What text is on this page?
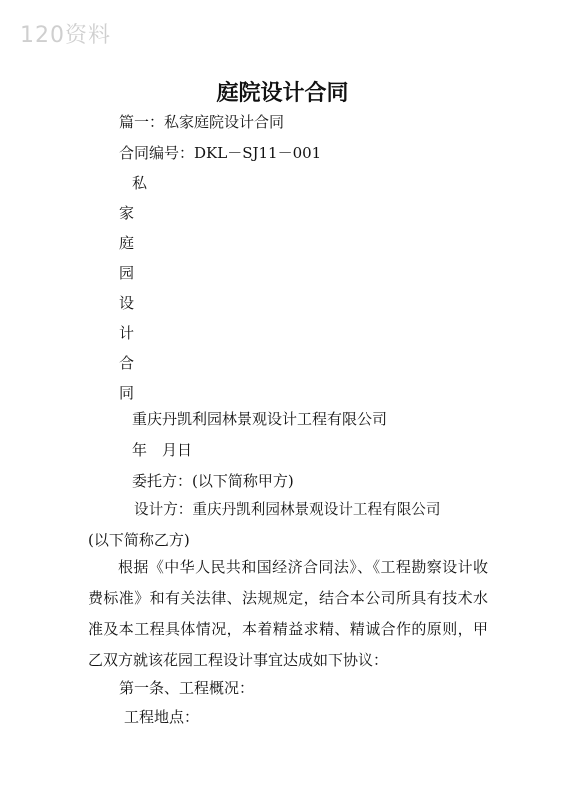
120资料
庭院设计合同
篇一：私家庭院设计合同
合同编号：DKL－SJ11－001
私
家
庭
园
设
计
合
同
重庆丹凯利园林景观设计工程有限公司
年　月日
委托方：(以下简称甲方)
设计方：重庆丹凯利园林景观设计工程有限公司
(以下简称乙方)
根据《中华人民共和国经济合同法》、《工程勘察设计收费标准》和有关法律、法规规定，结合本公司所具有技术水准及本工程具体情况，本着精益求精、精诚合作的原则，甲乙双方就该花园工程设计事宜达成如下协议：
第一条、工程概况：
工程地点：
